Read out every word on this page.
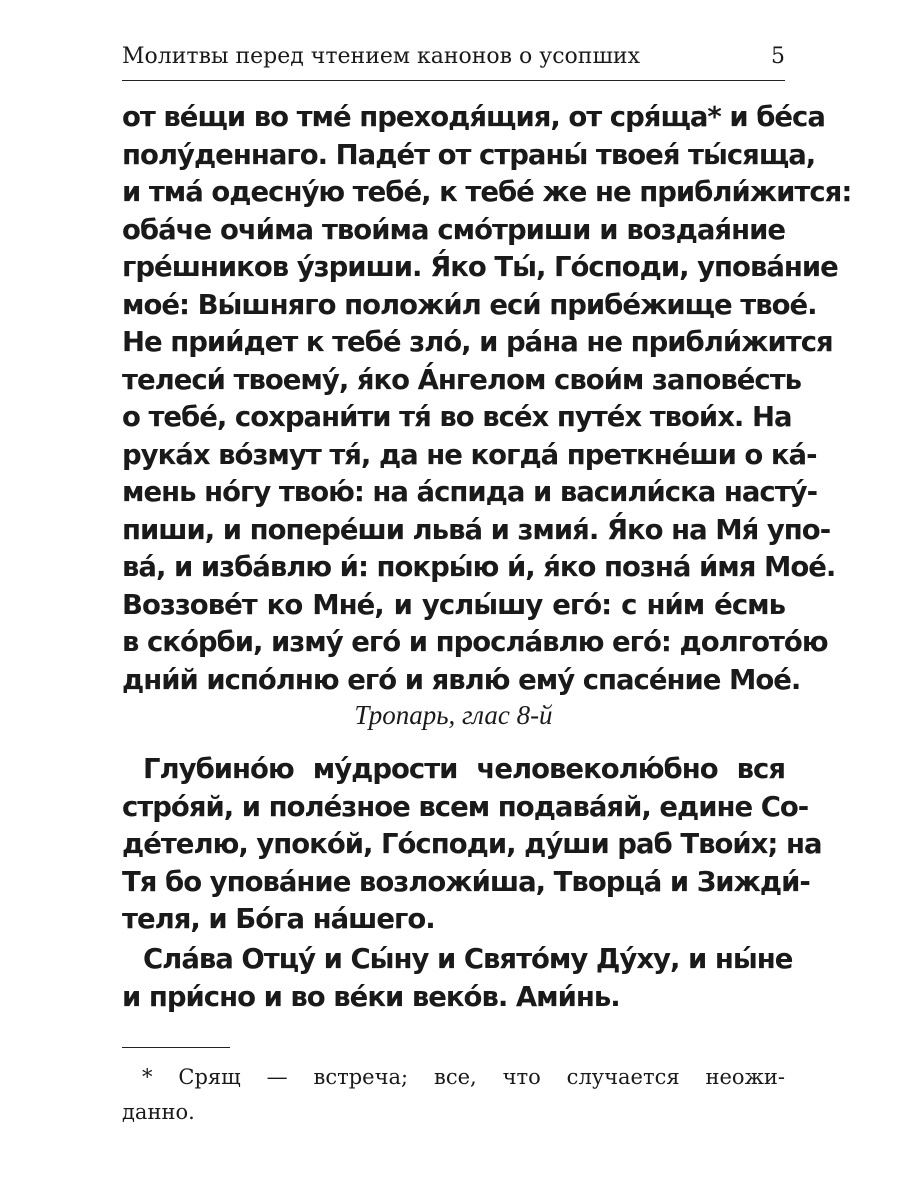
Молитвы перед чтением канонов о усопших	5
от ве́щи во тме́ преходя́щия, от сря́ща* и бе́са
полу́деннаго. Паде́т от страны́ твоея́ ты́сяща,
и тма́ одесну́ю тебе́, к тебе́ же не прибли́жится:
оба́че очи́ма твои́ма смо́триши и воздая́ние
гре́шников у́зриши. Я́ко Ты́, Го́споди, упова́ние
мое́: Вы́шняго положи́л еси́ прибе́жище твое́.
Не прии́дет к тебе́ зло́, и ра́на не прибли́жится
телеси́ твоему́, я́ко А́нгелом свои́м запове́сть
о тебе́, сохрани́ти тя́ во все́х путе́х твои́х. На
рука́х во́змут тя́, да не когда́ преткне́ши о ка́-
мень но́гу твою́: на а́спида и васили́ска насту́-
пиши, и попере́ши льва́ и змия́. Я́ко на Мя́ упо-
ва́, и изба́влю и́: покры́ю и́, я́ко позна́ и́мя Мое́.
Воззове́т ко Мне́, и услы́шу его́: с ни́м е́смь
в ско́рби, изму́ его́ и просла́влю его́: долгото́ю
дни́й испо́лню его́ и явлю́ ему́ спасе́ние Мое́.
Тропарь, глас 8-й
Глубино́ю му́дрости человеколю́бно вся
стро́яй, и поле́зное всем подава́яй, едине Со-
де́телю, упоко́й, Го́споди, ду́ши раб Твои́х; на
Тя бо упова́ние возложи́ша, Творца́ и Зижди́-
теля, и Бо́га на́шего.
Сла́ва Отцу́ и Сы́ну и Свято́му Ду́ху, и ны́не
и при́сно и во ве́ки веко́в. Ами́нь.
* Срящ — встреча; все, что случается неожи-
данно.
